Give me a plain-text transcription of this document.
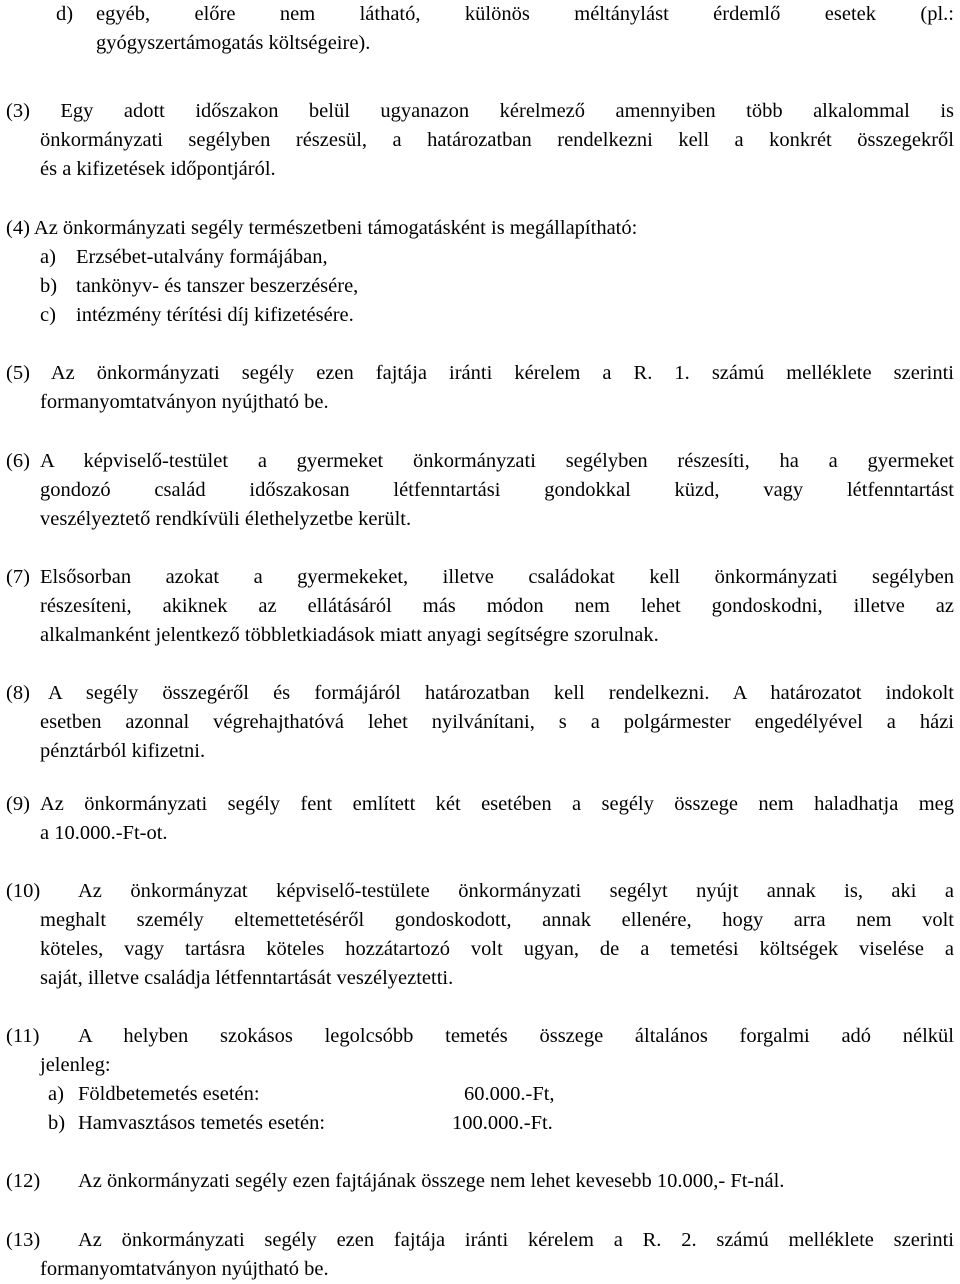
d) egyéb, előre nem látható, különös méltánylást érdemlő esetek (pl.:
gyógyszertámogatás költségeire).
(3) Egy adott időszakon belül ugyanazon kérelmező amennyiben több alkalommal is
önkormányzati segélyben részesül, a határozatban rendelkezni kell a konkrét összegekről
és a kifizetések időpontjáról.
(4) Az önkormányzati segély természetbeni támogatásként is megállapítható:
a) Erzsébet-utalvány formájában,
b) tankönyv- és tanszer beszerzésére,
c) intézmény térítési díj kifizetésére.
(5) Az önkormányzati segély ezen fajtája iránti kérelem a R. 1. számú melléklete szerinti
formanyomtatványon nyújtható be.
(6) A képviselő-testület a gyermeket önkormányzati segélyben részesíti, ha a gyermeket
gondozó család időszakosan létfenntartási gondokkal küzd, vagy létfenntartást
veszélyeztető rendkívüli élethelyzetbe került.
(7) Elsősorban azokat a gyermekeket, illetve családokat kell önkormányzati segélyben
részesíteni, akiknek az ellátásáról más módon nem lehet gondoskodni, illetve az
alkalmanként jelentkező többletkiadások miatt anyagi segítségre szorulnak.
(8) A segély összegéről és formájáról határozatban kell rendelkezni. A határozatot indokolt
esetben azonnal végrehajthatóvá lehet nyilvánítani, s a polgármester engedélyével a házi
pénztárból kifizetni.
(9) Az önkormányzati segély fent említett két esetében a segély összege nem haladhatja meg
a 10.000.-Ft-ot.
(10) Az önkormányzat képviselő-testülete önkormányzati segélyt nyújt annak is, aki a
meghalt személy eltemettetéséről gondoskodott, annak ellenére, hogy arra nem volt
köteles, vagy tartásra köteles hozzátartozó volt ugyan, de a temetési költségek viselése a
saját, illetve családja létfenntartását veszélyeztetti.
(11) A helyben szokásos legolcsóbb temetés összege általános forgalmi adó nélkül
jelenleg:
a) Földbetemetés esetén:	60.000.-Ft,
b) Hamvasztásos temetés esetén:	100.000.-Ft.
(12) Az önkormányzati segély ezen fajtájának összege nem lehet kevesebb 10.000,- Ft-nál.
(13) Az önkormányzati segély ezen fajtája iránti kérelem a R. 2. számú melléklete szerinti
formanyomtatványon nyújtható be.
